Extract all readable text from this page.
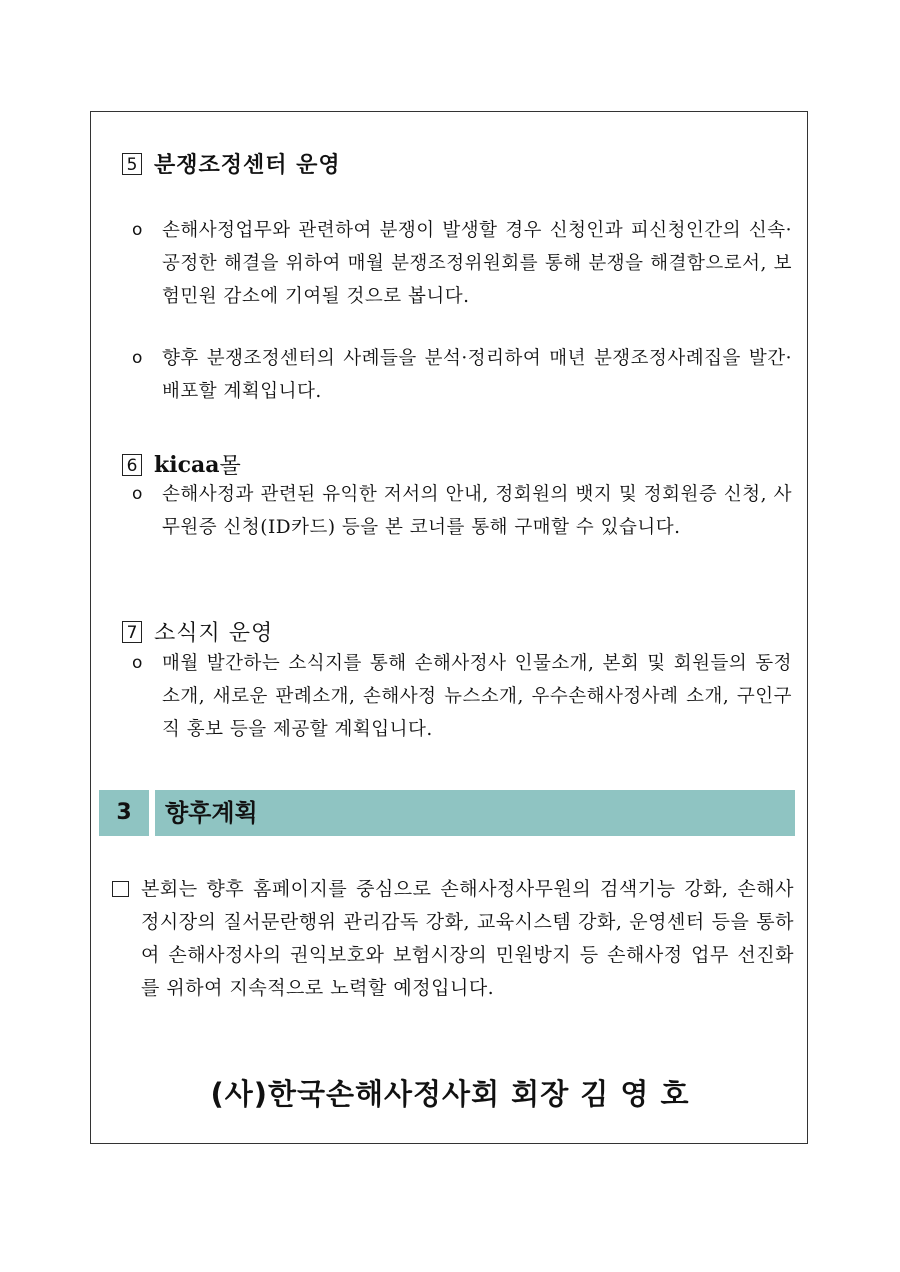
5 분쟁조정센터 운영
o	손해사정업무와 관련하여 분쟁이 발생할 경우 신청인과 피신청인간의 신속·공정한 해결을 위하여 매월 분쟁조정위원회를 통해 분쟁을 해결함으로서, 보험민원 감소에 기여될 것으로 봅니다.
o	향후 분쟁조정센터의 사례들을 분석·정리하여 매년 분쟁조정사례집을 발간·배포할 계획입니다.
6 kicaa 몰
o	손해사정과 관련된 유익한 저서의 안내, 정회원의 뱃지 및 정회원증 신청, 사무원증 신청(ID카드) 등을 본 코너를 통해 구매할 수 있습니다.
7 소식지 운영
o	매월 발간하는 소식지를 통해 손해사정사 인물소개, 본회 및 회원들의 동정소개, 새로운 판례소개, 손해사정 뉴스소개, 우수손해사정사례 소개, 구인구직 홍보 등을 제공할 계획입니다.
3	향후계획
본회는 향후 홈페이지를 중심으로 손해사정사무원의 검색기능 강화, 손해사정시장의 질서문란행위 관리감독 강화, 교육시스템 강화, 운영센터 등을 통하여 손해사정사의 권익보호와 보험시장의 민원방지 등 손해사정 업무 선진화를 위하여 지속적으로 노력할 예정입니다.
(사)한국손해사정사회 회장 김 영 호
